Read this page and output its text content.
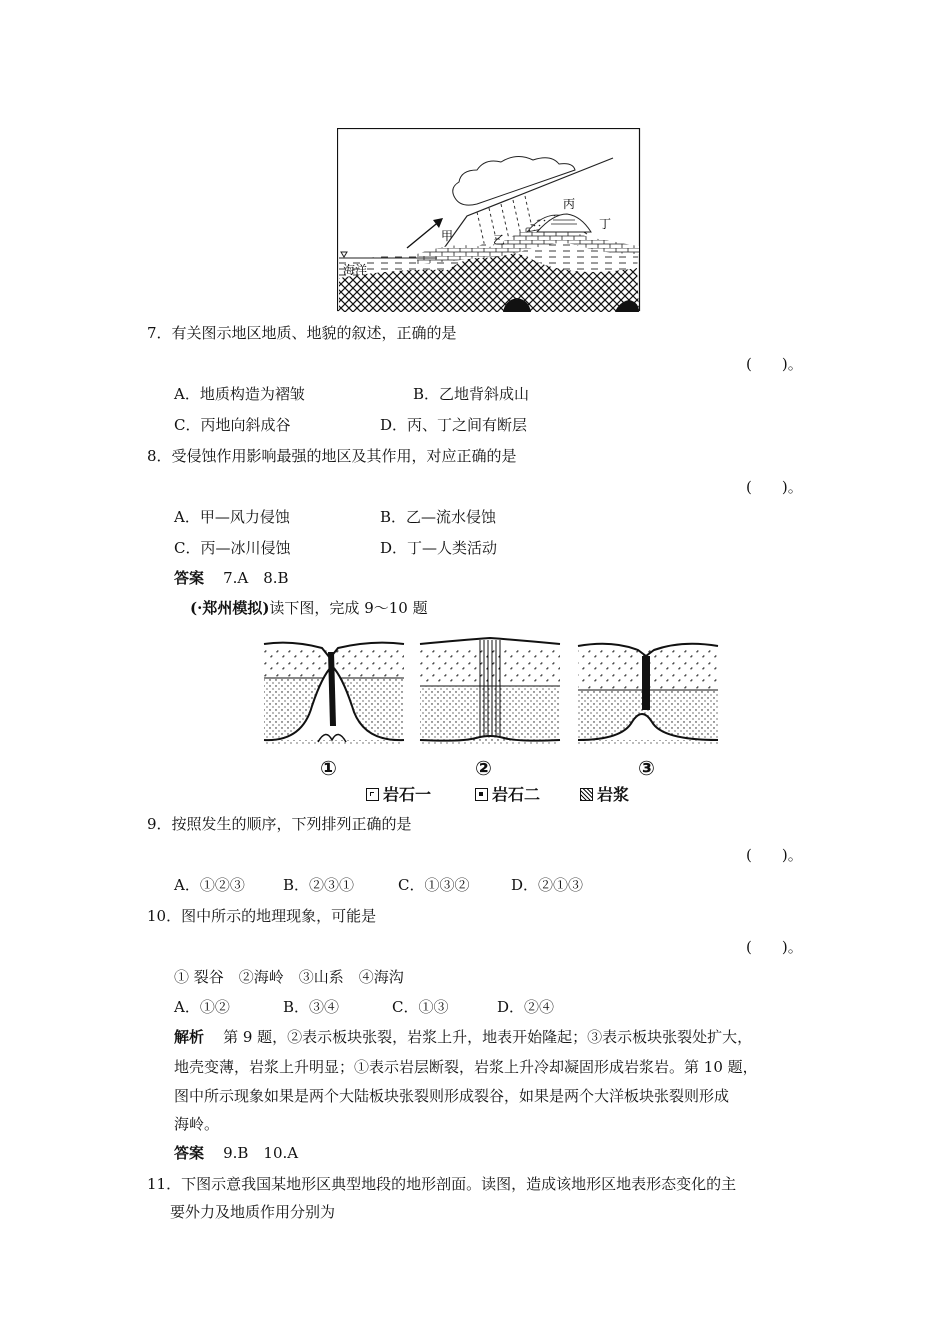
甲	乙
丙
丁
海洋
7．有关图示地区地质、地貌的叙述，正确的是
(　　)。
A．地质构造为褶皱	B．乙地背斜成山
C．丙地向斜成谷	D．丙、丁之间有断层
8．受侵蚀作用影响最强的地区及其作用，对应正确的是
(　　)。
A．甲—风力侵蚀	B．乙—流水侵蚀
C．丙—冰川侵蚀	D．丁—人类活动
答案 7.A　8.B
(·郑州模拟)读下图，完成 9～10 题
①	②	③
岩石一	岩石二	岩浆
9．按照发生的顺序，下列排列正确的是
(　　)。
A．①②③	B．②③①	C．①③②	D．②①③
10．图中所示的地理现象，可能是
(　　)。
① 裂谷　②海岭　③山系　④海沟
A．①②	B．③④	C．①③	D．②④
解析 第 9 题，②表示板块张裂，岩浆上升，地表开始隆起；③表示板块张裂处扩大，
地壳变薄，岩浆上升明显；①表示岩层断裂，岩浆上升冷却凝固形成岩浆岩。第 10 题，
图中所示现象如果是两个大陆板块张裂则形成裂谷，如果是两个大洋板块张裂则形成
海岭。
答案 9.B　10.A
11．下图示意我国某地形区典型地段的地形剖面。读图，造成该地形区地表形态变化的主
要外力及地质作用分别为
